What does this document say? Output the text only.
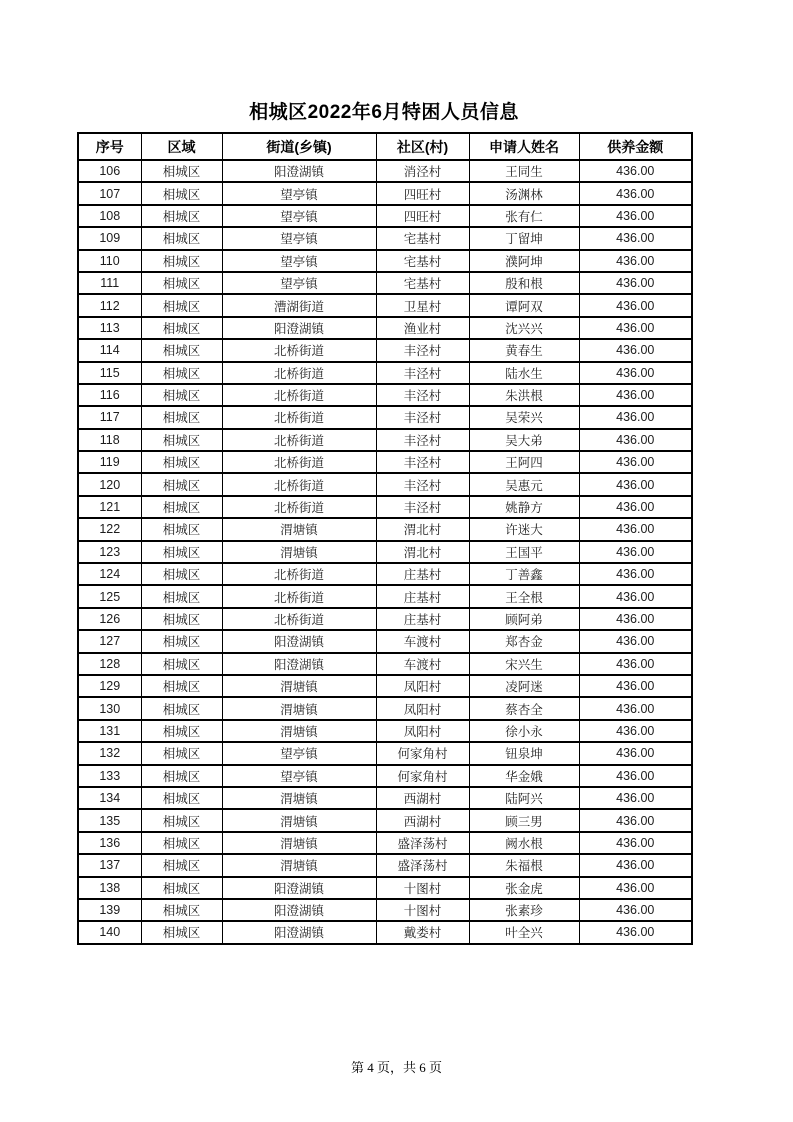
相城区2022年6月特困人员信息
序号	区域	街道(乡镇)	社区(村)	申请人姓名	供养金额
106	相城区	阳澄湖镇	消泾村	王同生	436.00
107	相城区	望亭镇	四旺村	汤渊林	436.00
108	相城区	望亭镇	四旺村	张有仁	436.00
109	相城区	望亭镇	宅基村	丁留坤	436.00
110	相城区	望亭镇	宅基村	濮阿坤	436.00
111	相城区	望亭镇	宅基村	殷和根	436.00
112	相城区	漕湖街道	卫星村	谭阿双	436.00
113	相城区	阳澄湖镇	渔业村	沈兴兴	436.00
114	相城区	北桥街道	丰泾村	黄春生	436.00
115	相城区	北桥街道	丰泾村	陆水生	436.00
116	相城区	北桥街道	丰泾村	朱洪根	436.00
117	相城区	北桥街道	丰泾村	吴荣兴	436.00
118	相城区	北桥街道	丰泾村	吴大弟	436.00
119	相城区	北桥街道	丰泾村	王阿四	436.00
120	相城区	北桥街道	丰泾村	吴惠元	436.00
121	相城区	北桥街道	丰泾村	姚静方	436.00
122	相城区	渭塘镇	渭北村	许迷大	436.00
123	相城区	渭塘镇	渭北村	王国平	436.00
124	相城区	北桥街道	庄基村	丁善鑫	436.00
125	相城区	北桥街道	庄基村	王全根	436.00
126	相城区	北桥街道	庄基村	顾阿弟	436.00
127	相城区	阳澄湖镇	车渡村	郑杏金	436.00
128	相城区	阳澄湖镇	车渡村	宋兴生	436.00
129	相城区	渭塘镇	凤阳村	凌阿迷	436.00
130	相城区	渭塘镇	凤阳村	蔡杏全	436.00
131	相城区	渭塘镇	凤阳村	徐小永	436.00
132	相城区	望亭镇	何家角村	钮泉坤	436.00
133	相城区	望亭镇	何家角村	华金娥	436.00
134	相城区	渭塘镇	西湖村	陆阿兴	436.00
135	相城区	渭塘镇	西湖村	顾三男	436.00
136	相城区	渭塘镇	盛泽荡村	阙水根	436.00
137	相城区	渭塘镇	盛泽荡村	朱福根	436.00
138	相城区	阳澄湖镇	十图村	张金虎	436.00
139	相城区	阳澄湖镇	十图村	张素珍	436.00
140	相城区	阳澄湖镇	戴娄村	叶全兴	436.00
第 4 页，共 6 页
